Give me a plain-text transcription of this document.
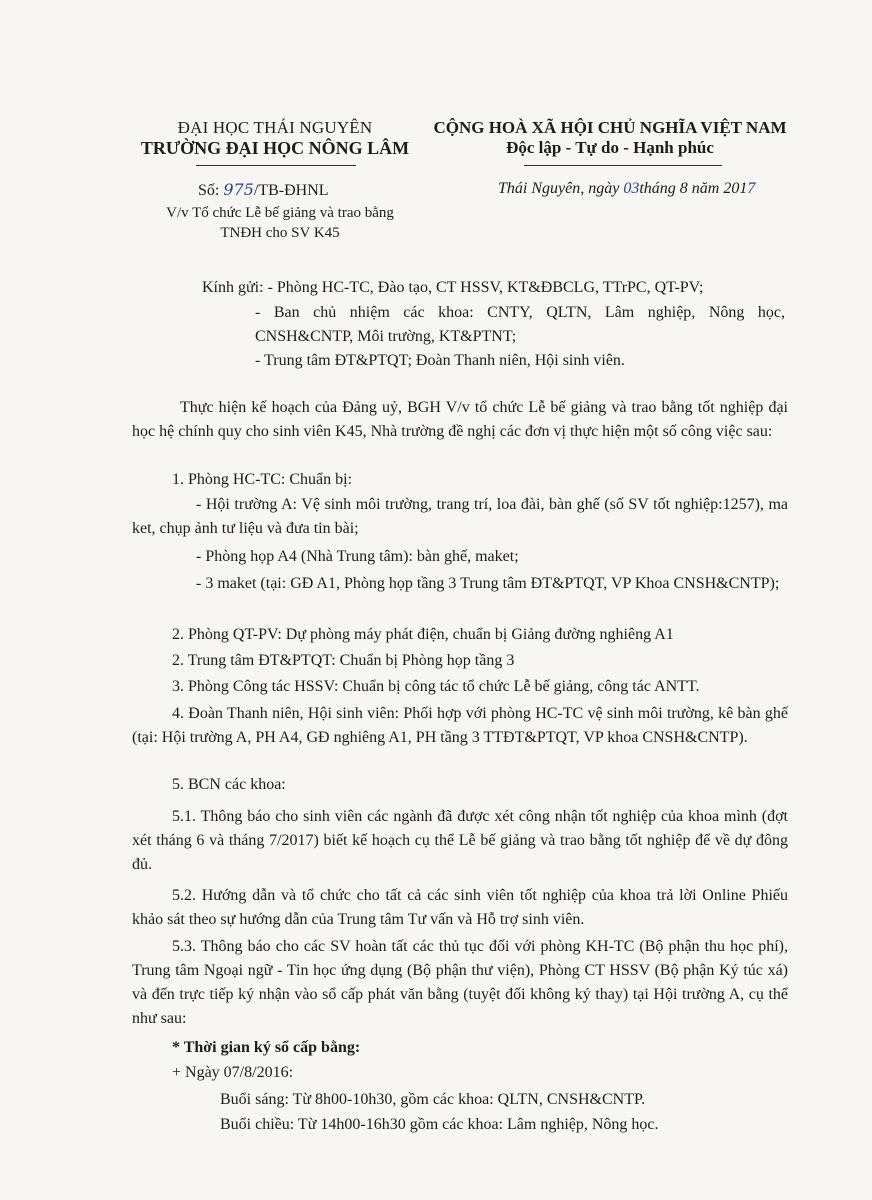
ĐẠI HỌC THÁI NGUYÊN
TRƯỜNG ĐẠI HỌC NÔNG LÂM
CỘNG HOÀ XÃ HỘI CHỦ NGHĨA VIỆT NAM
Độc lập - Tự do - Hạnh phúc
Số: 975/TB-ĐHNL
V/v Tổ chức Lễ bế giảng và trao bằng
TNĐH cho SV K45
Thái Nguyên, ngày 03tháng 8 năm 2017
Kính gửi: - Phòng HC-TC, Đào tạo, CT HSSV, KT&ĐBCLG, TTrPC, QT-PV;
- Ban chủ nhiệm các khoa: CNTY, QLTN, Lâm nghiệp, Nông học,
CNSH&CNTP, Môi trường, KT&PTNT;
- Trung tâm ĐT&PTQT; Đoàn Thanh niên, Hội sinh viên.
Thực hiện kế hoạch của Đảng uỷ, BGH V/v tổ chức Lễ bế giảng và trao bằng tốt nghiệp đại học hệ chính quy cho sinh viên K45, Nhà trường đề nghị các đơn vị thực hiện một số công việc sau:
1. Phòng HC-TC: Chuẩn bị:
- Hội trường A: Vệ sinh môi trường, trang trí, loa đài, bàn ghế (số SV tốt nghiệp:1257), ma ket, chụp ảnh tư liệu và đưa tin bài;
- Phòng họp A4 (Nhà Trung tâm): bàn ghế, maket;
- 3 maket (tại: GĐ A1, Phòng họp tầng 3 Trung tâm ĐT&PTQT, VP Khoa CNSH&CNTP);
2. Phòng QT-PV: Dự phòng máy phát điện, chuẩn bị Giảng đường nghiêng A1
2. Trung tâm ĐT&PTQT: Chuẩn bị Phòng họp tầng 3
3. Phòng Công tác HSSV: Chuẩn bị công tác tổ chức Lễ bế giảng, công tác ANTT.
4. Đoàn Thanh niên, Hội sinh viên: Phối hợp với phòng HC-TC vệ sinh môi trường, kê bàn ghế (tại: Hội trường A, PH A4, GĐ nghiêng A1, PH tầng 3 TTĐT&PTQT, VP khoa CNSH&CNTP).
5. BCN các khoa:
5.1. Thông báo cho sinh viên các ngành đã được xét công nhận tốt nghiệp của khoa mình (đợt xét tháng 6 và tháng 7/2017) biết kế hoạch cụ thể Lễ bế giảng và trao bằng tốt nghiệp để về dự đông đủ.
5.2. Hướng dẫn và tổ chức cho tất cả các sinh viên tốt nghiệp của khoa trả lời Online Phiếu khảo sát theo sự hướng dẫn của Trung tâm Tư vấn và Hỗ trợ sinh viên.
5.3. Thông báo cho các SV hoàn tất các thủ tục đối với phòng KH-TC (Bộ phận thu học phí), Trung tâm Ngoại ngữ - Tin học ứng dụng (Bộ phận thư viện), Phòng CT HSSV (Bộ phận Ký túc xá) và đến trực tiếp ký nhận vào sổ cấp phát văn bằng (tuyệt đối không ký thay) tại Hội trường A, cụ thể như sau:
* Thời gian ký sổ cấp bằng:
+ Ngày 07/8/2016:
Buổi sáng: Từ 8h00-10h30, gồm các khoa: QLTN, CNSH&CNTP.
Buổi chiều: Từ 14h00-16h30 gồm các khoa: Lâm nghiệp, Nông học.
